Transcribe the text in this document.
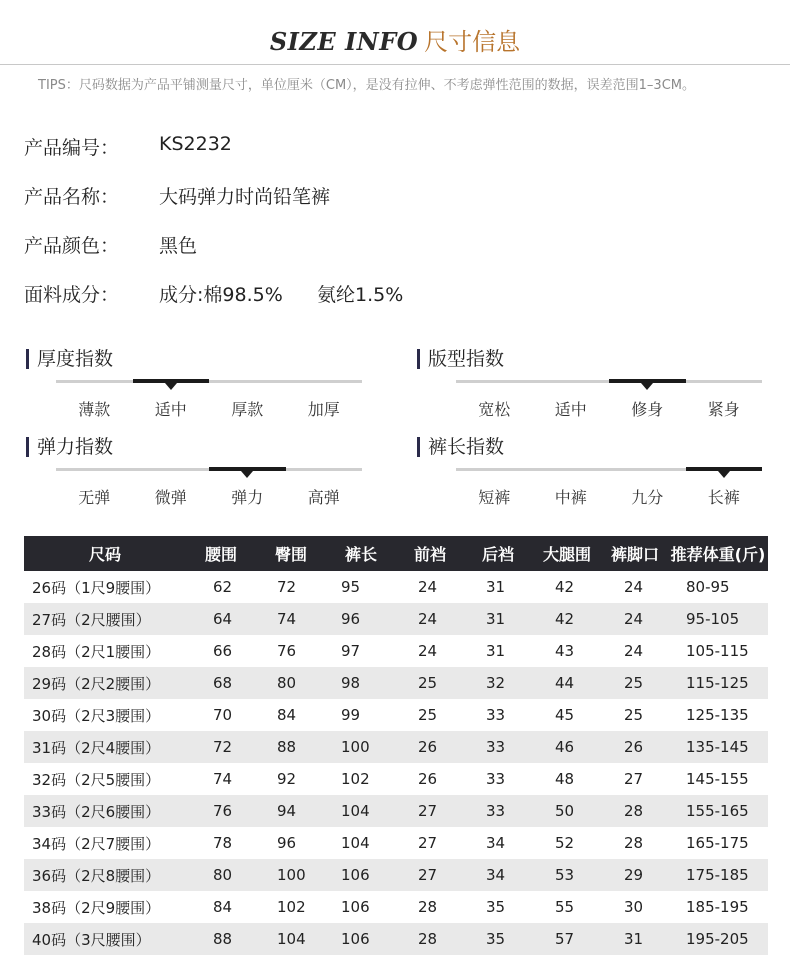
SIZE INFO 尺寸信息
TIPS：尺码数据为产品平铺测量尺寸，单位厘米（CM），是没有拉伸、不考虑弹性范围的数据，误差范围1–3CM。
产品编号： KS2232
产品名称： 大码弹力时尚铅笔裤
产品颜色： 黑色
面料成分： 成分:棉98.5% 氨纶1.5%
厚度指数
薄款	适中	厚款	加厚
版型指数
宽松	适中	修身	紧身
弹力指数
无弹	微弹	弹力	高弹
裤长指数
短裤	中裤	九分	长裤
尺码	腰围	臀围	裤长	前裆	后裆	大腿围	裤脚口	推荐体重(斤)
26码（1尺9腰围）	62	72	95	24	31	42	24	80-95
27码（2尺腰围）	64	74	96	24	31	42	24	95-105
28码（2尺1腰围）	66	76	97	24	31	43	24	105-115
29码（2尺2腰围）	68	80	98	25	32	44	25	115-125
30码（2尺3腰围）	70	84	99	25	33	45	25	125-135
31码（2尺4腰围）	72	88	100	26	33	46	26	135-145
32码（2尺5腰围）	74	92	102	26	33	48	27	145-155
33码（2尺6腰围）	76	94	104	27	33	50	28	155-165
34码（2尺7腰围）	78	96	104	27	34	52	28	165-175
36码（2尺8腰围）	80	100	106	27	34	53	29	175-185
38码（2尺9腰围）	84	102	106	28	35	55	30	185-195
40码（3尺腰围）	88	104	106	28	35	57	31	195-205
